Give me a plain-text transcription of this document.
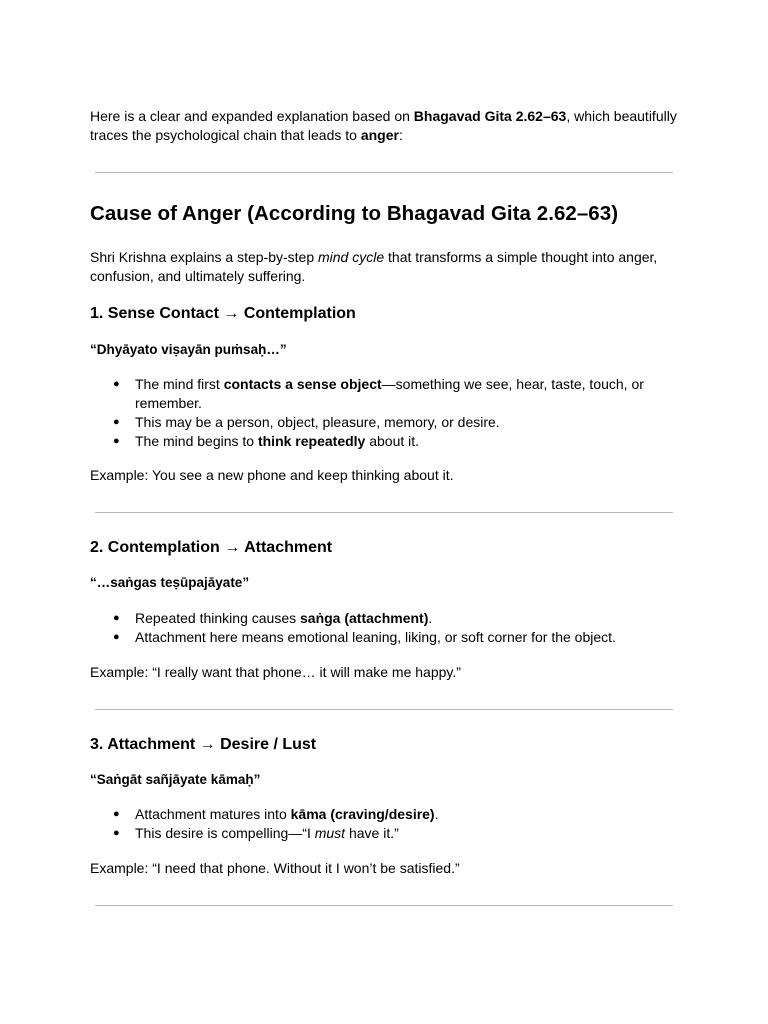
Here is a clear and expanded explanation based on Bhagavad Gita 2.62–63, which beautifully traces the psychological chain that leads to anger:
Cause of Anger (According to Bhagavad Gita 2.62–63)
Shri Krishna explains a step-by-step mind cycle that transforms a simple thought into anger, confusion, and ultimately suffering.
1. Sense Contact → Contemplation
“Dhyāyato viṣayān puṁsaḥ…”
● The mind first contacts a sense object—something we see, hear, taste, touch, or remember.
● This may be a person, object, pleasure, memory, or desire.
● The mind begins to think repeatedly about it.
Example: You see a new phone and keep thinking about it.
2. Contemplation → Attachment
“…saṅgas teṣūpajāyate”
● Repeated thinking causes saṅga (attachment).
● Attachment here means emotional leaning, liking, or soft corner for the object.
Example: “I really want that phone… it will make me happy.”
3. Attachment → Desire / Lust
“Saṅgāt sañjāyate kāmaḥ”
● Attachment matures into kāma (craving/desire).
● This desire is compelling—“I must have it.”
Example: “I need that phone. Without it I won’t be satisfied.”
